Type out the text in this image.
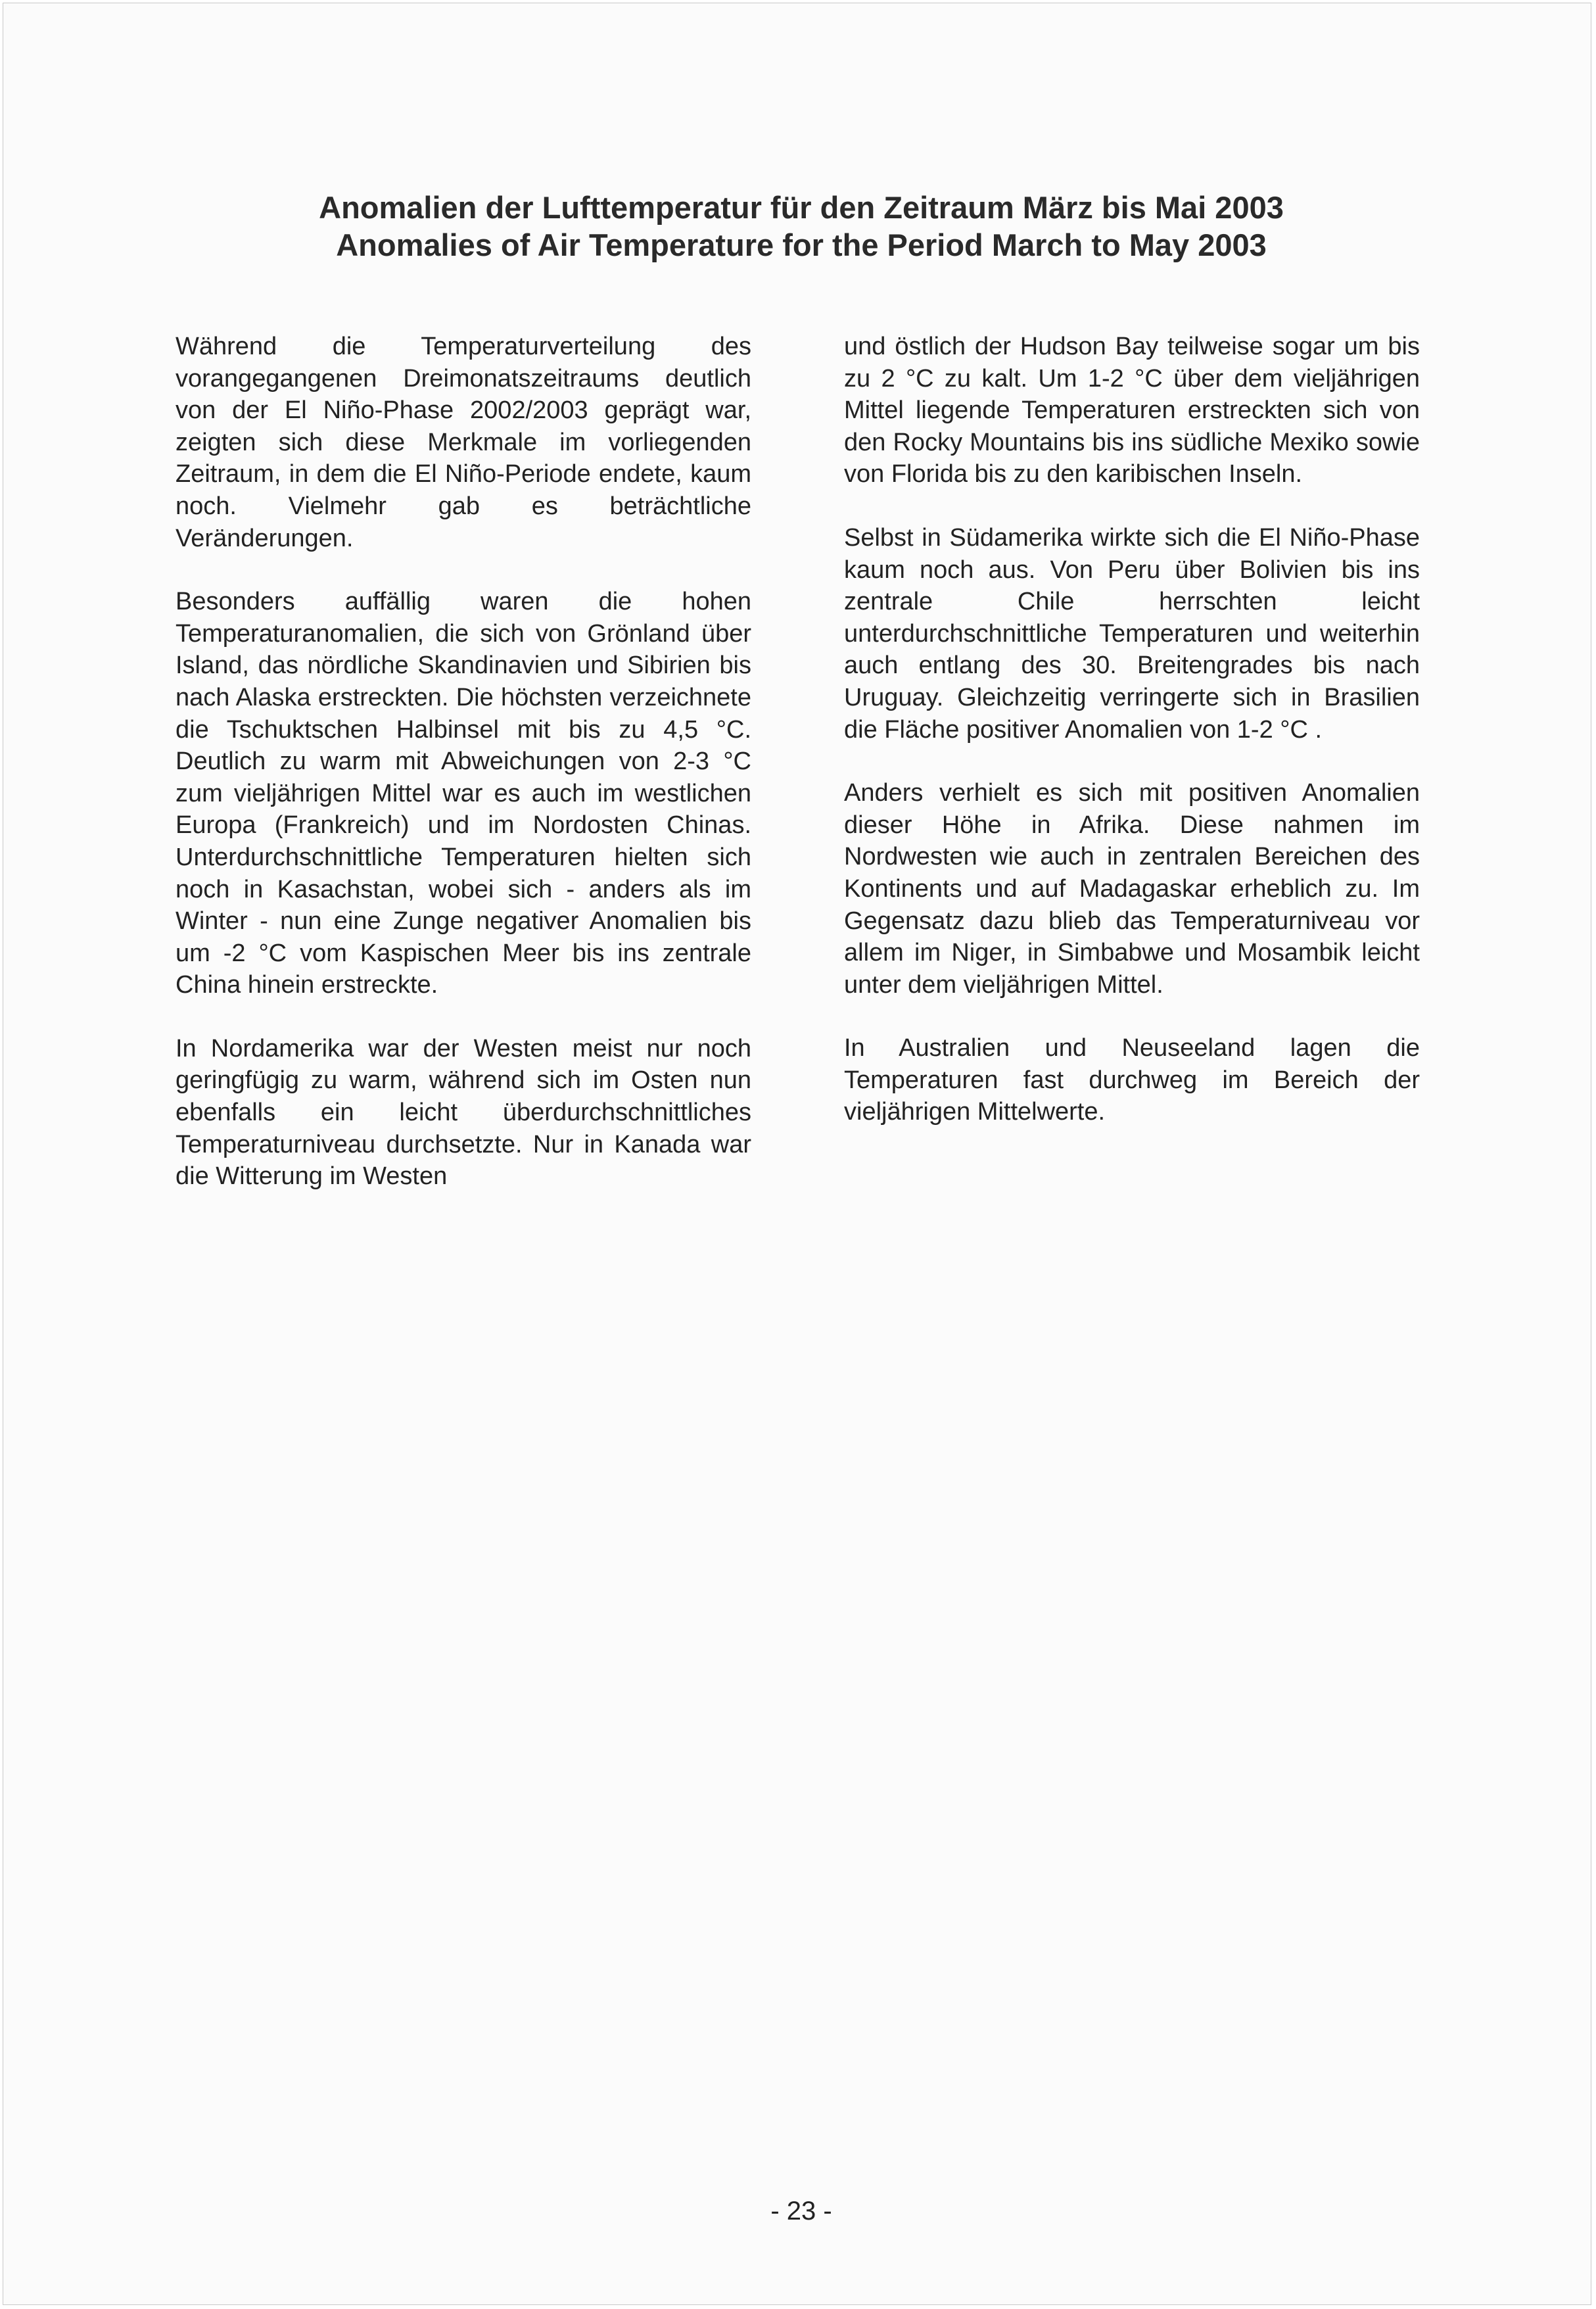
Anomalien der Lufttemperatur für den Zeitraum März bis Mai 2003
Anomalies of Air Temperature for the Period March to May 2003

Während die Temperaturverteilung des vorangegangenen Dreimonatszeitraums deutlich von der El Niño-Phase 2002/2003 geprägt war, zeigten sich diese Merkmale im vorliegenden Zeitraum, in dem die El Niño-Periode endete, kaum noch. Vielmehr gab es beträchtliche Veränderungen.

Besonders auffällig waren die hohen Temperaturanomalien, die sich von Grönland über Island, das nördliche Skandinavien und Sibirien bis nach Alaska erstreckten. Die höchsten verzeichnete die Tschuktschen Halbinsel mit bis zu 4,5 °C. Deutlich zu warm mit Abweichungen von 2-3 °C zum vieljährigen Mittel war es auch im westlichen Europa (Frankreich) und im Nordosten Chinas. Unterdurchschnittliche Temperaturen hielten sich noch in Kasachstan, wobei sich - anders als im Winter - nun eine Zunge negativer Anomalien bis um -2 °C vom Kaspischen Meer bis ins zentrale China hinein erstreckte.

In Nordamerika war der Westen meist nur noch geringfügig zu warm, während sich im Osten nun ebenfalls ein leicht überdurchschnittliches Temperaturniveau durchsetzte. Nur in Kanada war die Witterung im Westen

und östlich der Hudson Bay teilweise sogar um bis zu 2 °C zu kalt. Um 1-2 °C über dem vieljährigen Mittel liegende Temperaturen erstreckten sich von den Rocky Mountains bis ins südliche Mexiko sowie von Florida bis zu den karibischen Inseln.

Selbst in Südamerika wirkte sich die El Niño-Phase kaum noch aus. Von Peru über Bolivien bis ins zentrale Chile herrschten leicht unterdurchschnittliche Temperaturen und weiterhin auch entlang des 30. Breitengrades bis nach Uruguay. Gleichzeitig verringerte sich in Brasilien die Fläche positiver Anomalien von 1-2 °C .

Anders verhielt es sich mit positiven Anomalien dieser Höhe in Afrika. Diese nahmen im Nordwesten wie auch in zentralen Bereichen des Kontinents und auf Madagaskar erheblich zu. Im Gegensatz dazu blieb das Temperaturniveau vor allem im Niger, in Simbabwe und Mosambik leicht unter dem vieljährigen Mittel.

In Australien und Neuseeland lagen die Temperaturen fast durchweg im Bereich der vieljährigen Mittelwerte.

- 23 -
